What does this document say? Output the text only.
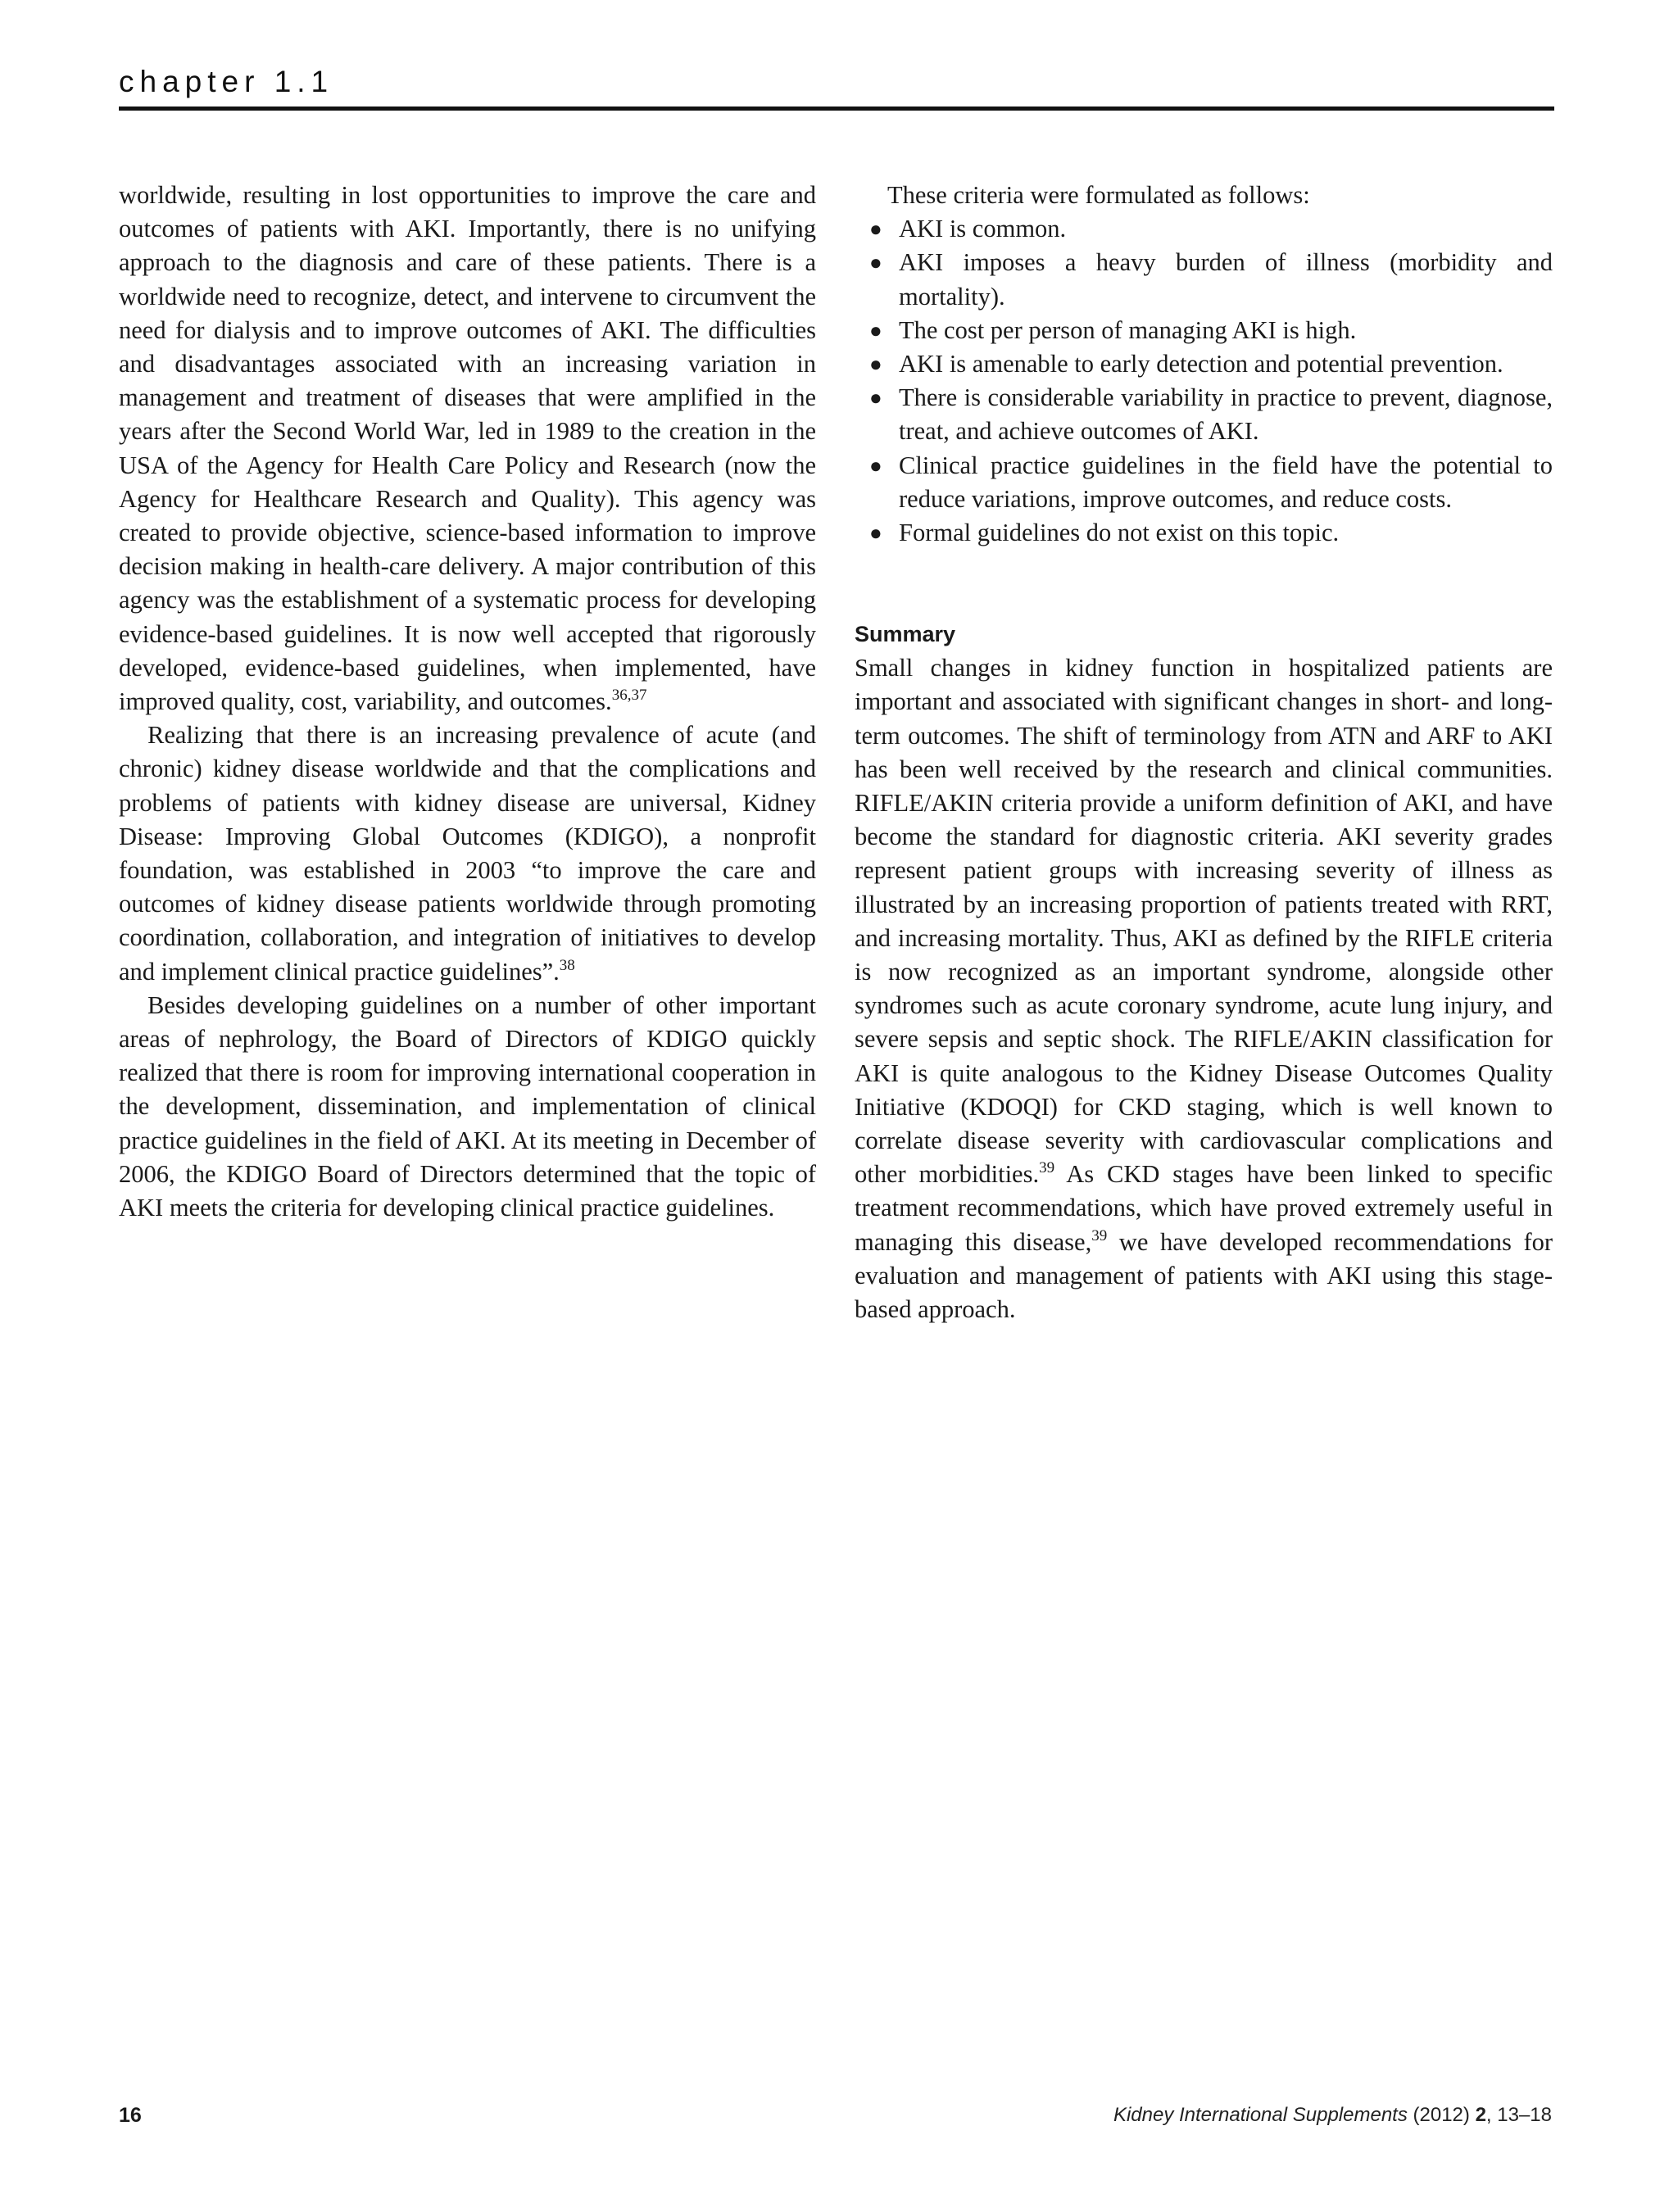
chapter 1.1

worldwide, resulting in lost opportunities to improve the care and outcomes of patients with AKI. Importantly, there is no unifying approach to the diagnosis and care of these patients. There is a worldwide need to recognize, detect, and intervene to circumvent the need for dialysis and to improve outcomes of AKI. The difficulties and disadvantages associated with an increasing variation in management and treatment of diseases that were amplified in the years after the Second World War, led in 1989 to the creation in the USA of the Agency for Health Care Policy and Research (now the Agency for Healthcare Research and Quality). This agency was created to provide objective, science-based information to improve decision making in health-care delivery. A major contribution of this agency was the establishment of a systematic process for developing evidence-based guidelines. It is now well accepted that rigorously developed, evidence-based guidelines, when implemented, have improved quality, cost, variability, and outcomes.$^{36,37}$

Realizing that there is an increasing prevalence of acute (and chronic) kidney disease worldwide and that the complications and problems of patients with kidney disease are universal, Kidney Disease: Improving Global Outcomes (KDIGO), a nonprofit foundation, was established in 2003 “to improve the care and outcomes of kidney disease patients worldwide through promoting coordination, collaboration, and integration of initiatives to develop and implement clinical practice guidelines”.$^{38}$

Besides developing guidelines on a number of other important areas of nephrology, the Board of Directors of KDIGO quickly realized that there is room for improving international cooperation in the development, dissemination, and implementation of clinical practice guidelines in the field of AKI. At its meeting in December of 2006, the KDIGO Board of Directors determined that the topic of AKI meets the criteria for developing clinical practice guidelines.

These criteria were formulated as follows:

● AKI is common.
● AKI imposes a heavy burden of illness (morbidity and mortality).
● The cost per person of managing AKI is high.
● AKI is amenable to early detection and potential prevention.
● There is considerable variability in practice to prevent, diagnose, treat, and achieve outcomes of AKI.
● Clinical practice guidelines in the field have the potential to reduce variations, improve outcomes, and reduce costs.
● Formal guidelines do not exist on this topic.
Summary

Small changes in kidney function in hospitalized patients are important and associated with significant changes in short- and long-term outcomes. The shift of terminology from ATN and ARF to AKI has been well received by the research and clinical communities. RIFLE/AKIN criteria provide a uniform definition of AKI, and have become the standard for diagnostic criteria. AKI severity grades represent patient groups with increasing severity of illness as illustrated by an increasing proportion of patients treated with RRT, and increasing mortality. Thus, AKI as defined by the RIFLE criteria is now recognized as an important syndrome, alongside other syndromes such as acute coronary syndrome, acute lung injury, and severe sepsis and septic shock. The RIFLE/AKIN classification for AKI is quite analogous to the Kidney Disease Outcomes Quality Initiative (KDOQI) for CKD staging, which is well known to correlate disease severity with cardiovascular complications and other morbidities.$^{39}$ As CKD stages have been linked to specific treatment recommendations, which have proved extremely useful in managing this disease,$^{39}$ we have developed recommendations for evaluation and management of patients with AKI using this stage-based approach.

16	Kidney International Supplements (2012) 2, 13–18
